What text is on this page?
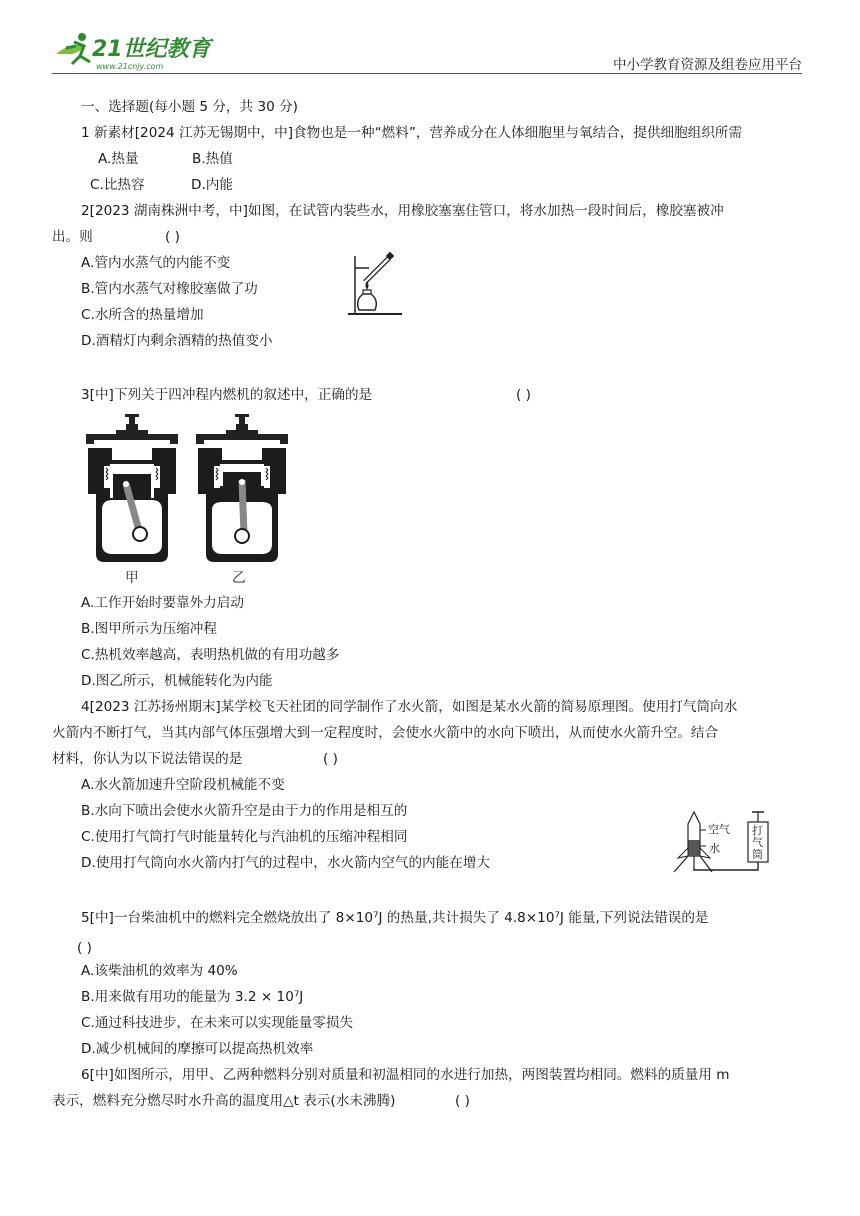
21世纪教育
www.21cnjy.com	中小学教育资源及组卷应用平台
一、选择题(每小题 5 分，共 30 分)
1 新素材[2024 江苏无锡期中，中]食物也是一种“燃料”，营养成分在人体细胞里与氧结合，提供细胞组织所需
A.热量	B.热值
C.比热容	D.内能
2[2023 湖南株洲中考，中]如图，在试管内装些水，用橡胶塞塞住管口，将水加热一段时间后，橡胶塞被冲
出。则	( )
A.管内水蒸气的内能不变
B.管内水蒸气对橡胶塞做了功
C.水所含的热量增加
D.酒精灯内剩余酒精的热值变小
3[中]下列关于四冲程内燃机的叙述中，正确的是	( )
甲	乙
A.工作开始时要靠外力启动
B.图甲所示为压缩冲程
C.热机效率越高，表明热机做的有用功越多
D.图乙所示，机械能转化为内能
4[2023 江苏扬州期末]某学校飞天社团的同学制作了水火箭，如图是某水火箭的简易原理图。使用打气筒向水
火箭内不断打气，当其内部气体压强增大到一定程度时，会使水火箭中的水向下喷出，从而使水火箭升空。结合
材料，你认为以下说法错误的是	( )
A.水火箭加速升空阶段机械能不变
B.水向下喷出会使水火箭升空是由于力的作用是相互的
C.使用打气筒打气时能量转化与汽油机的压缩冲程相同
D.使用打气筒向水火箭内打气的过程中，水火箭内空气的内能在增大
空气
水
打气筒
5[中]一台柴油机中的燃料完全燃烧放出了 8×10⁷J 的热量,共计损失了 4.8×10⁷J 能量,下列说法错误的是
( )
A.该柴油机的效率为 40%
B.用来做有用功的能量为 3.2 × 10⁷J
C.通过科技进步，在未来可以实现能量零损失
D.减少机械间的摩擦可以提高热机效率
6[中]如图所示，用甲、乙两种燃料分别对质量和初温相同的水进行加热，两图装置均相同。燃料的质量用 m
表示，燃料充分燃尽时水升高的温度用△t 表示(水未沸腾)	( )
